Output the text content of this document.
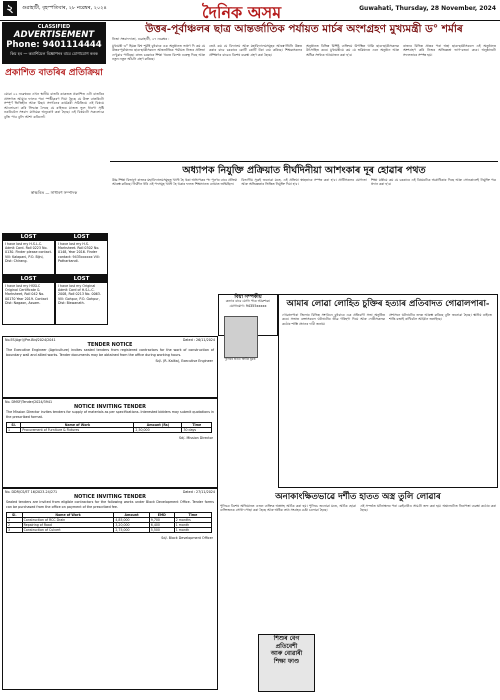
২	গুৱাহাটী, বৃহস্পতিবাৰ, ২৮ নৱেম্বৰ, ২০২৪	দৈনিক অসম	Guwahati, Thursday, 28 November, 2024
CLASSIFIED
ADVERTISEMENT
Phone: 9401114444
কিয় হব — কমাৰ্শিয়েল বিজ্ঞাপনৰ বাবে যোগাযোগ কৰক
প্ৰকাশিত বাতৰিৰ প্ৰতিক্ৰিয়া
যোৱা ২২ নৱেম্বৰৰ এখন স্থানীয় বাতৰি কাকতত প্ৰকাশিত এটা বাতৰিৰ প্ৰসংগত আমাৰ ফালৰ পৰা স্পষ্টীকৰণ দিয়া হৈছে যে উক্ত বাতৰিটো সম্পূৰ্ণ ভিত্তিহীন আৰু মিছা। সংগঠনৰ কাৰ্যকৰী সমিতিয়ে এই বিষয়ে আলোচনা কৰি সিদ্ধান্ত লৈছে যে ৰাইজৰ মাজত ভুল ধাৰণা সৃষ্টি নকৰিবলৈ সংবাদ মাধ্যমক অনুৰোধ কৰা হৈছে। এই বিষয়টো সকলোৱে বুজি পাব বুলি আশা কৰিলোঁ।
স্বাক্ষৰিত — সাধাৰণ সম্পাদক
LOST
I have lost my H.S.L.C. Admit Card. Roll 0223 No. 0130. Finder please contact. Vill: Kalapani, P.O. Bijni, Dist: Chirang.
LOST
I have lost my H.S. Marksheet. Roll 0302 No. 0148, Year 2016. Finder contact: 9435xxxxxx Vill: Patharkandi.
LOST
I have lost my HSSLC Original Certificate & Marksheet, Roll 042 No. 00170 Year 2019. Contact Dist: Nagaon, Assam.
LOST
I have lost my Original Admit Card of H.S.L.C. 2008, Roll 0213 No. 0063. Vill: Gohpur, P.O. Gohpur, Dist: Biswanath.
উত্তৰ-পূৰ্বাঞ্চলৰ ছাত্ৰ আন্তৰ্জাতিক পৰ্যায়ত মাৰ্চৰ অংশগ্ৰহণ মুখ্যমন্ত্ৰী ড° শৰ্মাৰ
নিজা সংবাদদাতা, গুৱাহাটী, ২৭ নৱেম্বৰ :
মুখ্যমন্ত্ৰী ড° হিমন্ত বিশ্ব শৰ্মাই বুধবাৰে এক অনুষ্ঠানত ভাষণ দি কয় যে উত্তৰ-পূৰ্বাঞ্চলৰ ছাত্ৰ-ছাত্ৰীসকলে আন্তৰ্জাতিক পৰ্যায়ত নিজৰ প্ৰতিভা দেখুৱাব পাৰিছে। ৰাজ্য চৰকাৰে শিক্ষা খণ্ডত বিশেষ গুৰুত্ব দিছে আৰু নতুন নতুন আঁচনি গ্ৰহণ কৰিছে।
তেওঁ কয় যে বিদ্যালয় আৰু মহাবিদ্যালয়সমূহৰ আন্তঃগাঁথনি উন্নত কৰাৰ বাবে চৰকাৰে কোটি কোটি টকা ব্যয় কৰিছে। শিক্ষকসকলৰ প্ৰশিক্ষণৰ বাবেও বিশেষ ব্যৱস্থা গ্ৰহণ কৰা হৈছে।
অনুষ্ঠানত বিভিন্ন বিশিষ্ট ব্যক্তিয়ে উপস্থিত থাকি ছাত্ৰ-ছাত্ৰীসকলক উৎসাহিত কৰে। মুখ্যমন্ত্ৰীয়ে কয় যে ভৱিষ্যতে এনে অনুষ্ঠান আৰু অধিক সংখ্যক আয়োজন কৰা হ'ব।
ৰাজ্যৰ বিভিন্ন প্ৰান্তৰ পৰা অহা ছাত্ৰ-ছাত্ৰীসকলে এই অনুষ্ঠানত অংশগ্ৰহণ কৰি নিজৰ অভিজ্ঞতা ভাগ-বতৰা কৰে। অনুষ্ঠানটো সফলতাৰে সম্পন্ন হয়।
অধ্যাপক নিযুক্তি প্ৰক্ৰিয়াত দীৰ্ঘদিনীয়া আশংকাৰ দূৰ হোৱাৰ পথত
উচ্চ শিক্ষা বিভাগে ৰাজ্যৰ মহাবিদ্যালয়সমূহত খালী হৈ থকা অধ্যাপকৰ পদ পূৰণৰ বাবে প্ৰক্ৰিয়া আৰম্ভ কৰিছে। দীৰ্ঘদিন ধৰি এই পদসমূহ খালী হৈ থকাৰ ফলত শিক্ষাদানত ব্যাঘাত জন্মিছিল।
বিভাগীয় সূত্ৰই জনোৱা মতে, এই প্ৰক্ৰিয়া স্বচ্ছতাৰে সম্পন্ন কৰা হ'ব। প্ৰাৰ্থীসকলৰ যোগ্যতা আৰু অভিজ্ঞতাৰ ভিত্তিত নিযুক্তি দিয়া হ'ব।
শিক্ষা মন্ত্ৰীয়ে কয় যে চৰকাৰে এই বিষয়টোক অগ্ৰাধিকাৰ দিছে আৰু সোনকালেই নিযুক্তি পত্ৰ প্ৰদান কৰা হ'ব।
বিয়া সম্পৰ্কীয়
কন্যাৰ বাবে যোগ্য পাত্ৰ আৱশ্যক। যোগাযোগ: 94355xxxxx	আমাৰ লোৱা লোহিত চুক্তিৰ হত্যাৰ প্ৰতিবাদত গোৱালপাৰা-
গোৱালপাৰা জিলাৰ বিভিন্ন সংগঠনে বুধবাৰে এক প্ৰতিবাদী সভা অনুষ্ঠিত কৰে। সভাত বক্তাসকলে ঘটনাটোৰ তীব্ৰ গৰিহণা দিয়ে আৰু দোষীসকলক কঠোৰ শাস্তি প্ৰদানৰ দাবী জনায়।
প্ৰশাসনে ঘটনাটোৰ তদন্ত আৰম্ভ কৰিছে বুলি জনোৱা হৈছে। স্থানীয় ৰাইজে শান্তি বজাই ৰাখিবলৈ আহ্বান জনাইছে।
পুলিচৰ হাতত আটক যুৱক
No.ES(Agri)/Pre-Bid/2024/2041	Dated : 26/11/2024
TENDER NOTICE
The Executive Engineer (Agriculture) invites sealed tenders from registered contractors for the work of construction of boundary wall and allied works. Tender documents may be obtained from the office during working hours.
Sd/- (R. Kalita), Executive Engineer
No. DMSF/Tender/2024/3941
NOTICE INVITING TENDER
The Mission Director invites tenders for supply of materials as per specifications. Interested bidders may submit quotations in the prescribed format.
Sl.	Name of Work	Amount (Rs)	Time
1	Procurement of Furniture & Fixtures	2,50,000	30 days
Sd/- Mission Director
No. DDR/CS/ET 16/2023-24/271	Dated : 27/11/2024
NOTICE INVITING TENDER
Sealed tenders are invited from eligible contractors for the following works under Block Development Office. Tender forms can be purchased from the office on payment of the prescribed fee.
Sl.	Name of Work	Amount	EMD	Time
1	Construction of RCC Drain	4,85,000	9,700	2 months
2	Repairing of Road	3,20,000	6,400	1 month
3	Construction of Culvert	2,75,000	5,500	1 month
Sd/- Block Development Officer
অনাকাংক্ষিতভাৱে দৰ্শীত হাতত অস্ত্ৰ তুলি লোৱাৰ
পুলিচৰ বিশেষ অভিযানত এজন ব্যক্তিক অস্ত্ৰসহ আটক কৰা হয়। পুলিচে জনোৱা মতে, আটক হোৱা ব্যক্তিজনক সোধা-পোছা কৰা হৈছে আৰু অধিক তথ্য সংগ্ৰহৰ চেষ্টা চলোৱা হৈছে।
এই সন্দৰ্ভত ঘটনাস্থলৰ পৰা কেইবাটাও সামগ্ৰী জব্দ কৰা হয়। অঞ্চলটোত নিৰাপত্তা ব্যৱস্থা কঠোৰ কৰা হৈছে।
শিশুৰ বেগ
প্ৰতিবেশী
আৰু বোৱাৰী
শিক্ষা ফাণ্ড
